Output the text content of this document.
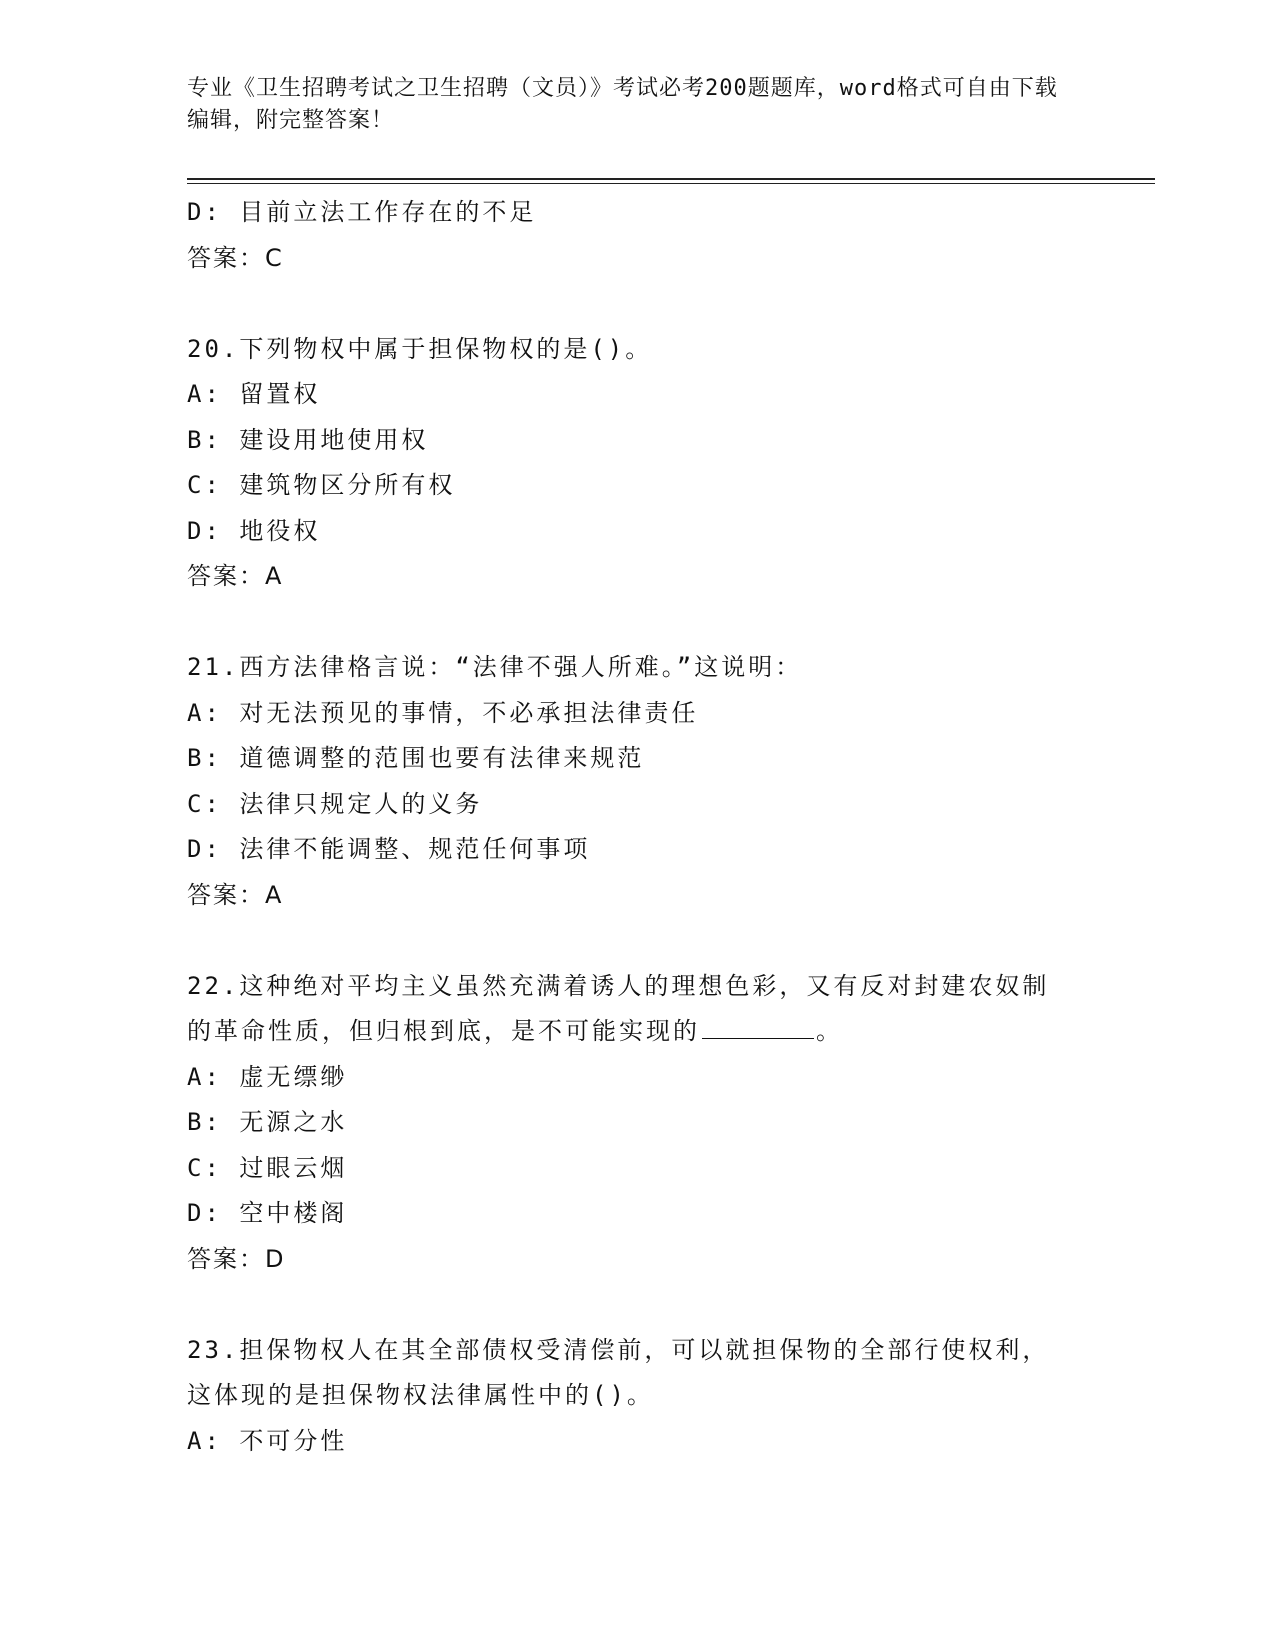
专业《卫生招聘考试之卫生招聘（文员）》考试必考200题题库，word格式可自由下载编辑，附完整答案！
D: 目前立法工作存在的不足
答案：C
20.下列物权中属于担保物权的是()。
A: 留置权
B: 建设用地使用权
C: 建筑物区分所有权
D: 地役权
答案：A
21.西方法律格言说：“法律不强人所难。”这说明：
A: 对无法预见的事情，不必承担法律责任
B: 道德调整的范围也要有法律来规范
C: 法律只规定人的义务
D: 法律不能调整、规范任何事项
答案：A
22.这种绝对平均主义虽然充满着诱人的理想色彩，又有反对封建农奴制的革命性质，但归根到底，是不可能实现的	。
A: 虚无缥缈
B: 无源之水
C: 过眼云烟
D: 空中楼阁
答案：D
23.担保物权人在其全部债权受清偿前，可以就担保物的全部行使权利，这体现的是担保物权法律属性中的()。
A: 不可分性
